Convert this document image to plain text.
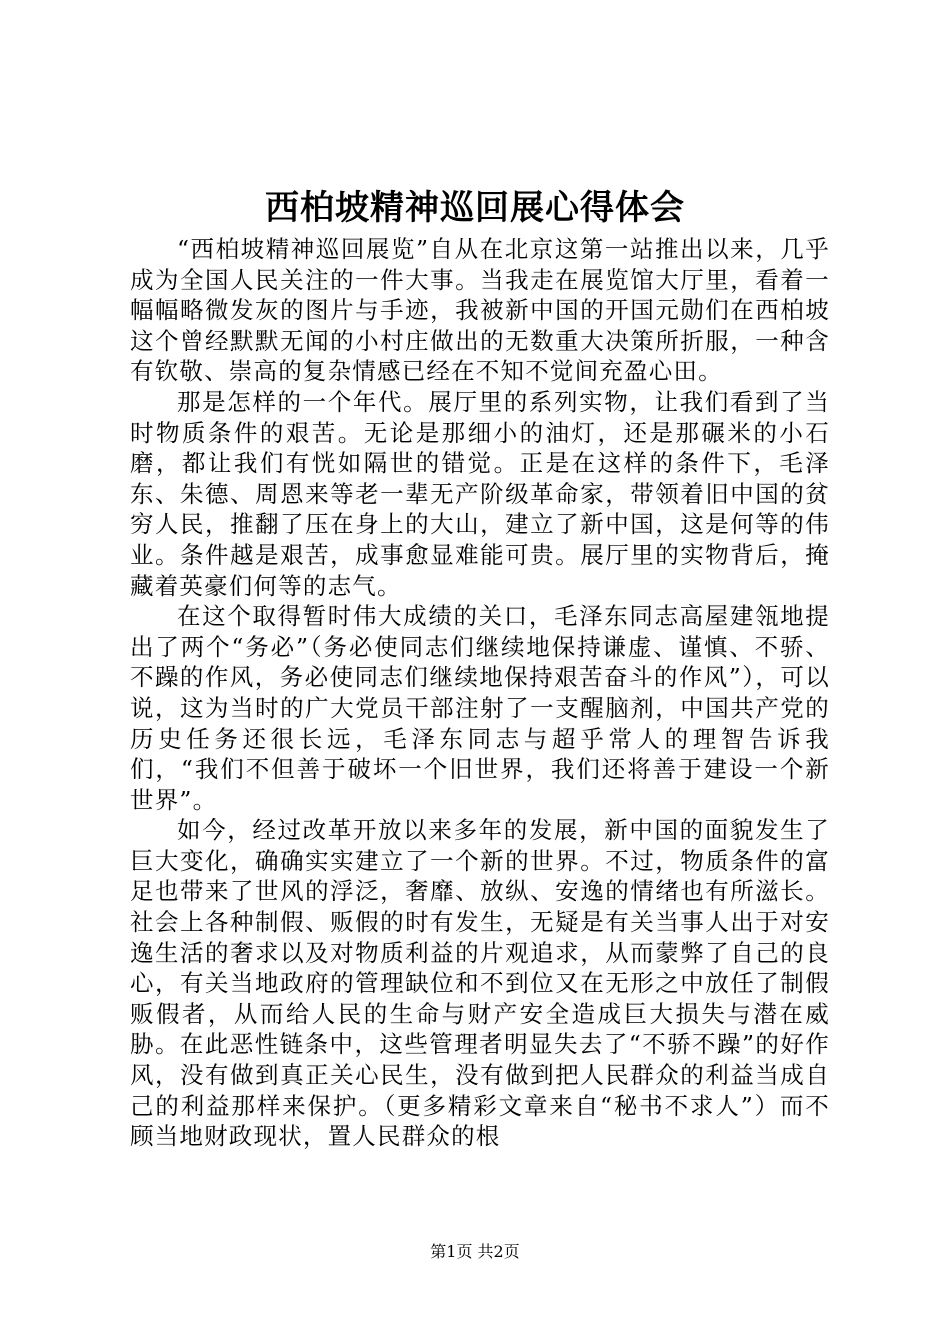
西柏坡精神巡回展心得体会

“西柏坡精神巡回展览”自从在北京这第一站推出以来，几乎成为全国人民关注的一件大事。当我走在展览馆大厅里，看着一幅幅略微发灰的图片与手迹，我被新中国的开国元勋们在西柏坡这个曾经默默无闻的小村庄做出的无数重大决策所折服，一种含有钦敬、崇高的复杂情感已经在不知不觉间充盈心田。

那是怎样的一个年代。展厅里的系列实物，让我们看到了当时物质条件的艰苦。无论是那细小的油灯，还是那碾米的小石磨，都让我们有恍如隔世的错觉。正是在这样的条件下，毛泽东、朱德、周恩来等老一辈无产阶级革命家，带领着旧中国的贫穷人民，推翻了压在身上的大山，建立了新中国，这是何等的伟业。条件越是艰苦，成事愈显难能可贵。展厅里的实物背后，掩藏着英豪们何等的志气。

在这个取得暂时伟大成绩的关口，毛泽东同志高屋建瓴地提出了两个“务必”（务必使同志们继续地保持谦虚、谨慎、不骄、不躁的作风，务必使同志们继续地保持艰苦奋斗的作风”），可以说，这为当时的广大党员干部注射了一支醒脑剂，中国共产党的历史任务还很长远，毛泽东同志与超乎常人的理智告诉我们，“我们不但善于破坏一个旧世界，我们还将善于建设一个新世界”。

如今，经过改革开放以来多年的发展，新中国的面貌发生了巨大变化，确确实实建立了一个新的世界。不过，物质条件的富足也带来了世风的浮泛，奢靡、放纵、安逸的情绪也有所滋长。社会上各种制假、贩假的时有发生，无疑是有关当事人出于对安逸生活的奢求以及对物质利益的片观追求，从而蒙弊了自己的良心，有关当地政府的管理缺位和不到位又在无形之中放任了制假贩假者，从而给人民的生命与财产安全造成巨大损失与潜在威胁。在此恶性链条中，这些管理者明显失去了“不骄不躁”的好作风，没有做到真正关心民生，没有做到把人民群众的利益当成自己的利益那样来保护。（更多精彩文章来自“秘书不求人”）而不顾当地财政现状，置人民群众的根

第1页 共2页
